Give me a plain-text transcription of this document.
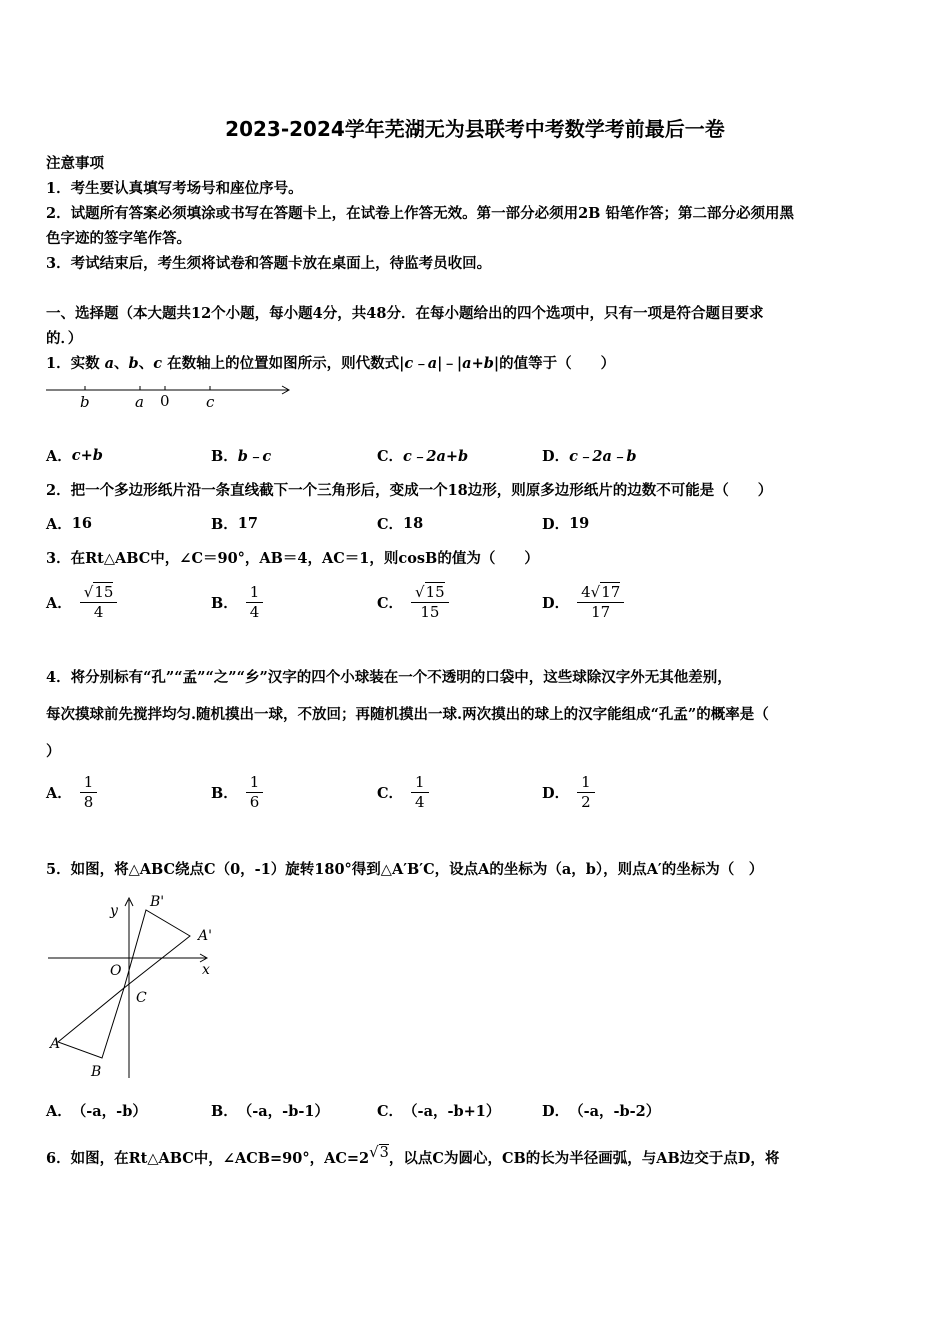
2023-2024学年芜湖无为县联考中考数学考前最后一卷
注意事项
1．考生要认真填写考场号和座位序号。
2．试题所有答案必须填涂或书写在答题卡上，在试卷上作答无效。第一部分必须用2B 铅笔作答；第二部分必须用黑
色字迹的签字笔作答。
3．考试结束后，考生须将试卷和答题卡放在桌面上，待监考员收回。
一、选择题（本大题共12个小题，每小题4分，共48分．在每小题给出的四个选项中，只有一项是符合题目要求
的．）
1．实数 a、b、c 在数轴上的位置如图所示，则代数式|c﹣a|﹣|a+b|的值等于（　　）
b	a 0 c
A． c+b	B． b﹣c	C． c﹣2a+b	D． c﹣2a﹣b
2．把一个多边形纸片沿一条直线截下一个三角形后，变成一个18边形，则原多边形纸片的边数不可能是（　　）
A． 16	B． 17	C． 18	D． 19
3．在Rt△ABC中，∠C＝90°，AB＝4，AC＝1，则cosB的值为（　　）
A． $\frac{√15}{4}$	B． $\frac{1}{4}$	C． $\frac{√15}{15}$	D． $\frac{4√17}{17}$
4．将分别标有“孔”“孟”“之”“乡”汉字的四个小球装在一个不透明的口袋中，这些球除汉字外无其他差别，
每次摸球前先搅拌均匀.随机摸出一球，不放回；再随机摸出一球.两次摸出的球上的汉字能组成“孔孟”的概率是（
）
A． $\frac{1}{8}$	B． $\frac{1}{6}$	C． $\frac{1}{4}$	D． $\frac{1}{2}$
5．如图，将△ABC绕点C（0，-1）旋转180°得到△A′B′C，设点A的坐标为（a，b），则点A′的坐标为（　）
y
x
O
C
A
B
A'
B'
A． （-a，-b）	B． （-a，-b-1）	C． （-a，-b+1）	D． （-a，-b-2）
6．如图，在Rt△ABC中，∠ACB=90°，AC=2√3，以点C为圆心，CB的长为半径画弧，与AB边交于点D，将
